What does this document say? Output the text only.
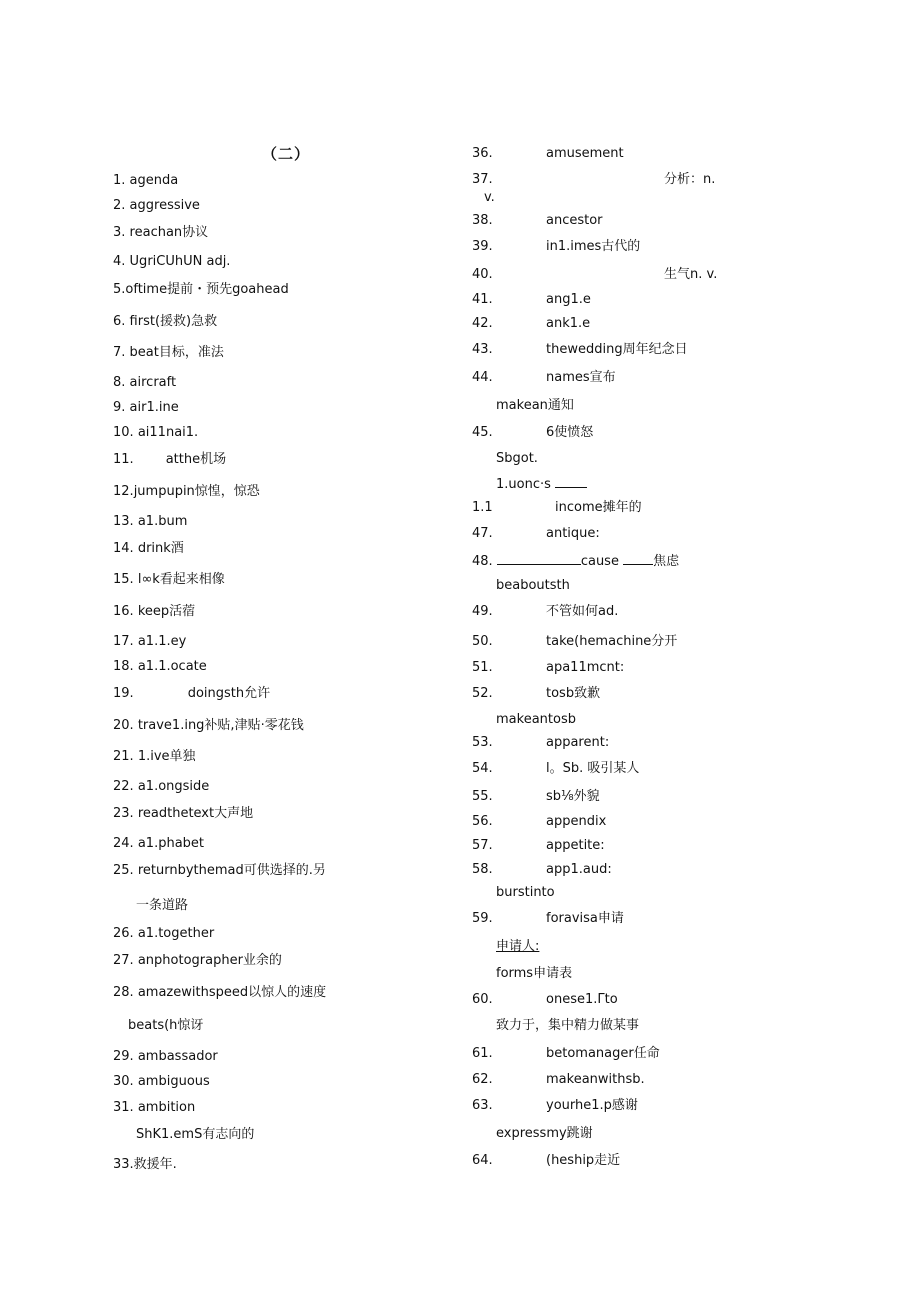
（二）
1. agenda
2. aggressive
3. reachan协议
4. UgriCUhUN adj.
5.oftime提前・预先goahead
6. first(援救)急救
7. beat目标，准法
8. aircraft
9. air1.ine
10. ai11nai1.
11. atthe机场
12.jumpupin惊惶，惊恐
13. a1.bum
14. drink酒
15. l∞k看起来相像
16. keep活蓿
17. a1.1.ey
18. a1.1.ocate
19.	doingsth允许
20. trave1.ing补贴,津贴·零花钱
21. 1.ive单独
22. a1.ongside
23. readthetext大声地
24. a1.phabet
25. returnbythemad可供选择的.另
一条道路
26. a1.together
27. anphotographer业余的
28. amazewithspeed以惊人的速度
beats(h惊讶
29. ambassador
30. ambiguous
31. ambition
ShK1.emS有志向的
33.救援年.
36.	amusement
37.	分析：n.
v.
38.	ancestor
39.	in1.imes古代的
40.	生气n. v.
41.	ang1.e
42.	ank1.e
43.	thewedding周年纪念日
44.	names宣布
makean通知
45.	6使愤怒
Sbgot.
1.uonc·s
1.1	income摊年的
47.	antique:
48.	cause	焦虑
beaboutsth
49.	不管如何ad.
50.	take(hemachine分开
51.	apa11mcnt:
52.	tosb致歉
makeantosb
53.	apparent:
54.	l。Sb. 吸引某人
55.	sb⅛外貌
56.	appendix
57.	appetite:
58.	app1.aud:
burstinto
59.	foravisa申请
申请人:
forms申请表
60.	onese1.Γto
致力于，集中精力做某事
61.	betomanager任命
62.	makeanwithsb.
63.	yourhe1.p感谢
expressmy跳谢
64.	(heship走近
